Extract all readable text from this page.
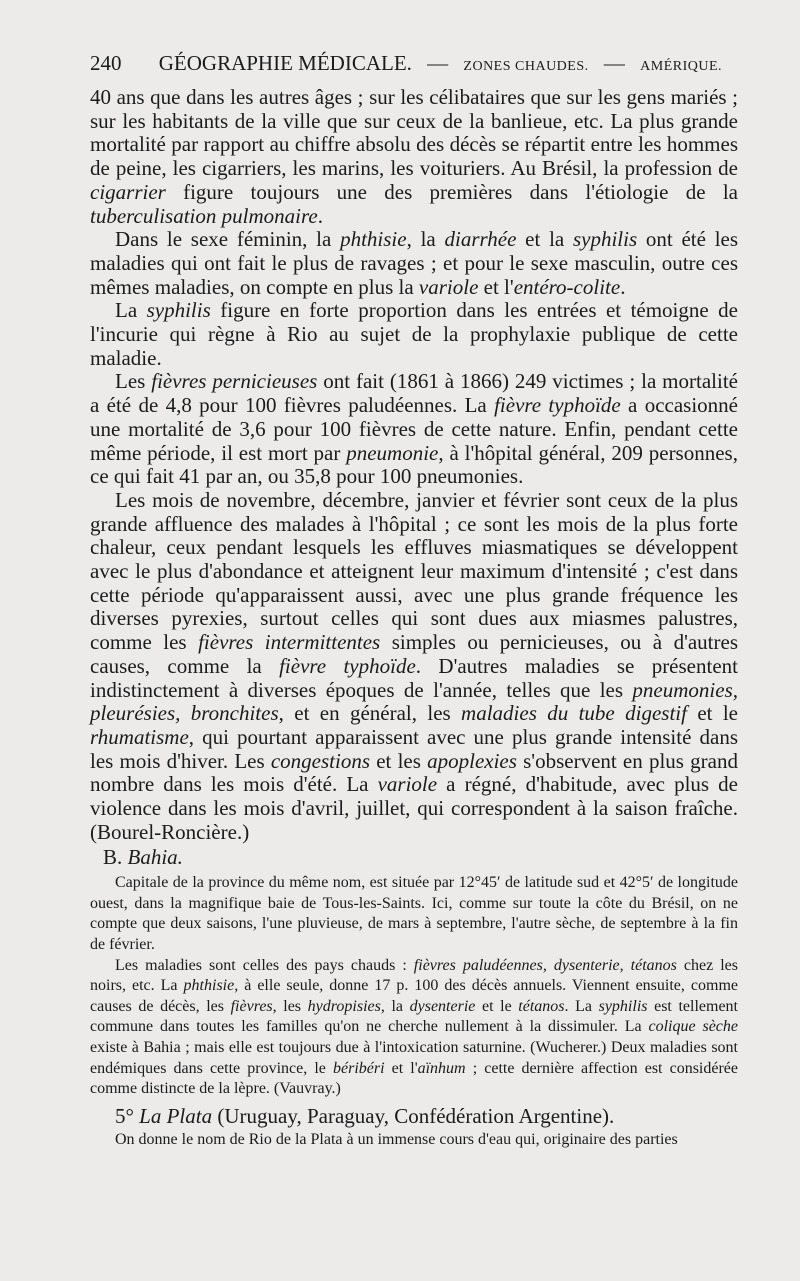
240 GÉOGRAPHIE MÉDICALE. — ZONES CHAUDES. — AMÉRIQUE.

40 ans que dans les autres âges ; sur les célibataires que sur les gens mariés ; sur les habitants de la ville que sur ceux de la banlieue, etc. La plus grande mortalité par rapport au chiffre absolu des décès se répartit entre les hommes de peine, les cigarriers, les marins, les voituriers. Au Brésil, la profession de cigarrier figure toujours une des premières dans l'étiologie de la tuberculisation pulmonaire.

Dans le sexe féminin, la phthisie, la diarrhée et la syphilis ont été les maladies qui ont fait le plus de ravages ; et pour le sexe masculin, outre ces mêmes maladies, on compte en plus la variole et l'entéro-colite.

La syphilis figure en forte proportion dans les entrées et témoigne de l'incurie qui règne à Rio au sujet de la prophylaxie publique de cette maladie.

Les fièvres pernicieuses ont fait (1861 à 1866) 249 victimes ; la mortalité a été de 4,8 pour 100 fièvres paludéennes. La fièvre typhoïde a occasionné une mortalité de 3,6 pour 100 fièvres de cette nature. Enfin, pendant cette même période, il est mort par pneumonie, à l'hôpital général, 209 personnes, ce qui fait 41 par an, ou 35,8 pour 100 pneumonies.

Les mois de novembre, décembre, janvier et février sont ceux de la plus grande affluence des malades à l'hôpital ; ce sont les mois de la plus forte chaleur, ceux pendant lesquels les effluves miasmatiques se développent avec le plus d'abondance et atteignent leur maximum d'intensité ; c'est dans cette période qu'apparaissent aussi, avec une plus grande fréquence les diverses pyrexies, surtout celles qui sont dues aux miasmes palustres, comme les fièvres intermittentes simples ou pernicieuses, ou à d'autres causes, comme la fièvre typhoïde. D'autres maladies se présentent indistinctement à diverses époques de l'année, telles que les pneumonies, pleurésies, bronchites, et en général, les maladies du tube digestif et le rhumatisme, qui pourtant apparaissent avec une plus grande intensité dans les mois d'hiver. Les congestions et les apoplexies s'observent en plus grand nombre dans les mois d'été. La variole a régné, d'habitude, avec plus de violence dans les mois d'avril, juillet, qui correspondent à la saison fraîche. (Bourel-Roncière.)

B. Bahia.

Capitale de la province du même nom, est située par 12°45′ de latitude sud et 42°5′ de longitude ouest, dans la magnifique baie de Tous-les-Saints. Ici, comme sur toute la côte du Brésil, on ne compte que deux saisons, l'une pluvieuse, de mars à septembre, l'autre sèche, de septembre à la fin de février.

Les maladies sont celles des pays chauds : fièvres paludéennes, dysenterie, tétanos chez les noirs, etc. La phthisie, à elle seule, donne 17 p. 100 des décès annuels. Viennent ensuite, comme causes de décès, les fièvres, les hydropisies, la dysenterie et le tétanos. La syphilis est tellement commune dans toutes les familles qu'on ne cherche nullement à la dissimuler. La colique sèche existe à Bahia ; mais elle est toujours due à l'intoxication saturnine. (Wucherer.) Deux maladies sont endémiques dans cette province, le béribéri et l'aïnhum ; cette dernière affection est considérée comme distincte de la lèpre. (Vauvray.)

5° La Plata (Uruguay, Paraguay, Confédération Argentine).

On donne le nom de Rio de la Plata à un immense cours d'eau qui, originaire des parties
